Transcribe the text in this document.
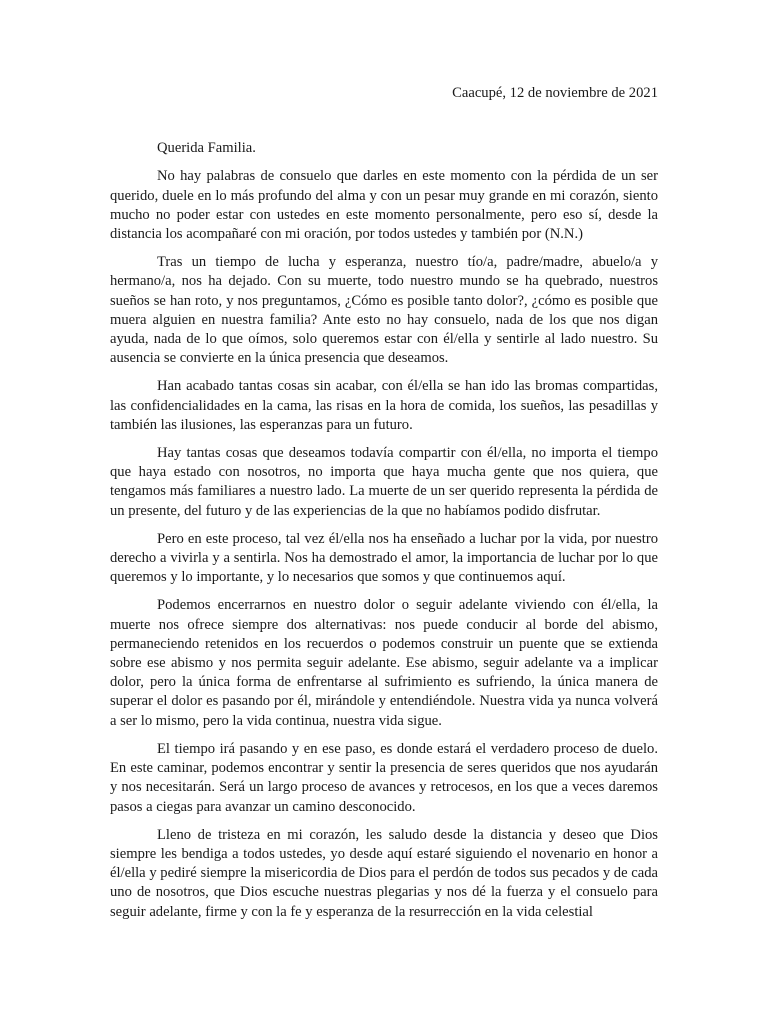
Caacupé, 12 de noviembre de 2021

Querida Familia.

No hay palabras de consuelo que darles en este momento con la pérdida de un ser querido, duele en lo más profundo del alma y con un pesar muy grande en mi corazón, siento mucho no poder estar con ustedes en este momento personalmente, pero eso sí, desde la distancia los acompañaré con mi oración, por todos ustedes y también por (N.N.)

Tras un tiempo de lucha y esperanza, nuestro tío/a, padre/madre, abuelo/a y hermano/a, nos ha dejado. Con su muerte, todo nuestro mundo se ha quebrado, nuestros sueños se han roto, y nos preguntamos, ¿Cómo es posible tanto dolor?, ¿cómo es posible que muera alguien en nuestra familia? Ante esto no hay consuelo, nada de los que nos digan ayuda, nada de lo que oímos, solo queremos estar con él/ella y sentirle al lado nuestro. Su ausencia se convierte en la única presencia que deseamos.

Han acabado tantas cosas sin acabar, con él/ella se han ido las bromas compartidas, las confidencialidades en la cama, las risas en la hora de comida, los sueños, las pesadillas y también las ilusiones, las esperanzas para un futuro.

Hay tantas cosas que deseamos todavía compartir con él/ella, no importa el tiempo que haya estado con nosotros, no importa que haya mucha gente que nos quiera, que tengamos más familiares a nuestro lado. La muerte de un ser querido representa la pérdida de un presente, del futuro y de las experiencias de la que no habíamos podido disfrutar.

Pero en este proceso, tal vez él/ella nos ha enseñado a luchar por la vida, por nuestro derecho a vivirla y a sentirla. Nos ha demostrado el amor, la importancia de luchar por lo que queremos y lo importante, y lo necesarios que somos y que continuemos aquí.

Podemos encerrarnos en nuestro dolor o seguir adelante viviendo con él/ella, la muerte nos ofrece siempre dos alternativas: nos puede conducir al borde del abismo, permaneciendo retenidos en los recuerdos o podemos construir un puente que se extienda sobre ese abismo y nos permita seguir adelante. Ese abismo, seguir adelante va a implicar dolor, pero la única forma de enfrentarse al sufrimiento es sufriendo, la única manera de superar el dolor es pasando por él, mirándole y entendiéndole. Nuestra vida ya nunca volverá a ser lo mismo, pero la vida continua, nuestra vida sigue.

El tiempo irá pasando y en ese paso, es donde estará el verdadero proceso de duelo. En este caminar, podemos encontrar y sentir la presencia de seres queridos que nos ayudarán y nos necesitarán. Será un largo proceso de avances y retrocesos, en los que a veces daremos pasos a ciegas para avanzar un camino desconocido.

Lleno de tristeza en mi corazón, les saludo desde la distancia y deseo que Dios siempre les bendiga a todos ustedes, yo desde aquí estaré siguiendo el novenario en honor a él/ella y pediré siempre la misericordia de Dios para el perdón de todos sus pecados y de cada uno de nosotros, que Dios escuche nuestras plegarias y nos dé la fuerza y el consuelo para seguir adelante, firme y con la fe y esperanza de la resurrección en la vida celestial
